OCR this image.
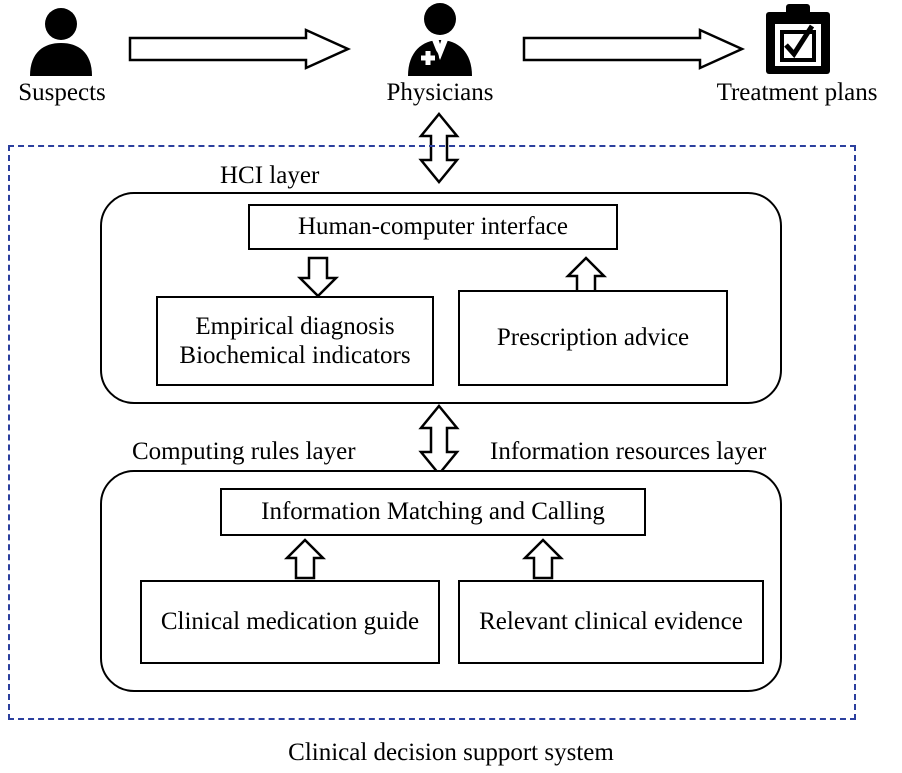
Suspects	Physicians	Treatment plans
HCI layer
Human-computer interface
Empirical diagnosis
Biochemical indicators
Prescription advice
Computing rules layer	Information resources layer
Information Matching and Calling
Clinical medication guide Relevant clinical evidence
Clinical decision support system
